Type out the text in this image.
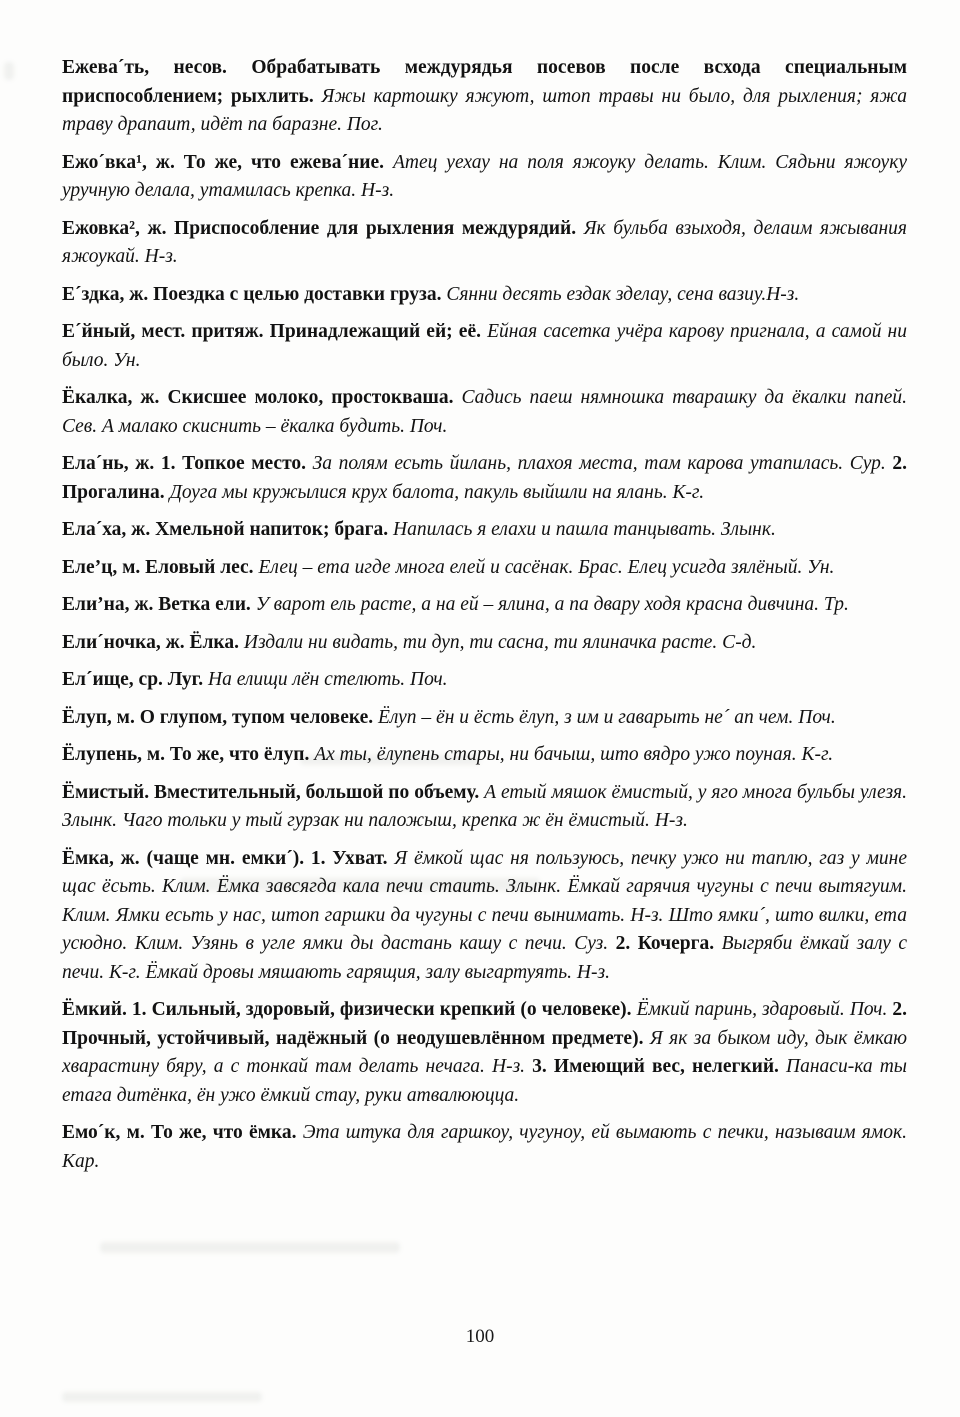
Ежева´ть, несов. Обрабатывать междурядья посевов после всхода специальным приспособлением; рыхлить. Яжы картошку яжуют, штоп травы ни было, для рыхления; яжа траву драпаит, идёт па баразне. Пог.

Ежо´вка¹, ж. То же, что ежева´ние. Атец уехау на поля яжоуку делать. Клим. Сядьни яжоуку уручную делала, утамилась крепка. Н-з.

Ежовка², ж. Приспособление для рыхления междурядий. Як бульба взыходя, делаим яжывания яжоукай. Н-з.

Е´здка, ж. Поездка с целью доставки груза. Сянни десять ездак зделау, сена вазиу.Н-з.

Е´йный, мест. притяж. Принадлежащий ей; её. Ейная сасетка учёра карову пригнала, а самой ни было. Ун.

Ёкалка, ж. Скисшее молоко, простокваша. Садись паеш нямношка тварашку да ёкалки папей. Сев. А малако скиснить – ёкалка будить. Поч.

Ела´нь, ж. 1. Топкое место. За полям есьть йилань, плахоя места, там карова утапилась. Сур. 2. Прогалина. Доуга мы кружылися крух балота, пакуль выйшли на ялань. К-г.

Ела´ха, ж. Хмельной напиток; брага. Напилась я елахи и пашла танцывать. Злынк.

Еле’ц, м. Еловый лес. Елец – ета игде многа елей и сасёнак. Брас. Елец усигда зялёный. Ун.

Ели’на, ж. Ветка ели. У варот ель расте, а на ей – ялина, а па двару ходя красна дивчина. Тр.

Ели´ночка, ж. Ёлка. Издали ни видать, ти дуп, ти сасна, ти ялиначка расте. С-д.

Ел´ище, ср. Луг. На елищи лён стелють. Поч.

Ёлуп, м. О глупом, тупом человеке. Ёлуп – ён и ёсть ёлуп, з им и гаварыть не´ ап чем. Поч.

Ёлупень, м. То же, что ёлуп. Ах ты, ёлупень стары, ни бачыш, што вядро ужо поуная. К-г.

Ёмистый. Вместительный, большой по объему. А етый мяшок ёмистый, у яго многа бульбы улезя. Злынк. Чаго тольки у тый гурзак ни паложыш, крепка ж ён ёмистый. Н-з.

Ёмка, ж. (чаще мн. емки´). 1. Ухват. Я ёмкой щас ня пользуюсь, печку ужо ни таплю, газ у мине щас ёсьть. Клим. Ёмка завсягда кала печи стаить. Злынк. Ёмкай гарячия чугуны с печи вытягуим. Клим. Ямки есьть у нас, штоп гаршки да чугуны с печи вынимать. Н-з. Што ямки´, што вилки, ета усюдно. Клим. Узянь в угле ямки ды дастань кашу с печи. Суз. 2. Кочерга. Выгряби ёмкай залу с печи. К-г. Ёмкай дровы мяшають гарящия, залу выгартуять. Н-з.

Ёмкий. 1. Сильный, здоровый, физически крепкий (о человеке). Ёмкий паринь, здаровый. Поч. 2. Прочный, устойчивый, надёжный (о неодушевлённом предмете). Я як за быком иду, дык ёмкаю хварастину бяру, а с тонкай там делать нечага. Н-з. 3. Имеющий вес, нелегкий. Панаси-ка ты етага дитёнка, ён ужо ёмкий стау, руки атвалююцца.

Емо´к, м. То же, что ёмка. Эта штука для гаршкоу, чугуноу, ей вымають с печки, называим ямок. Кар.

100
